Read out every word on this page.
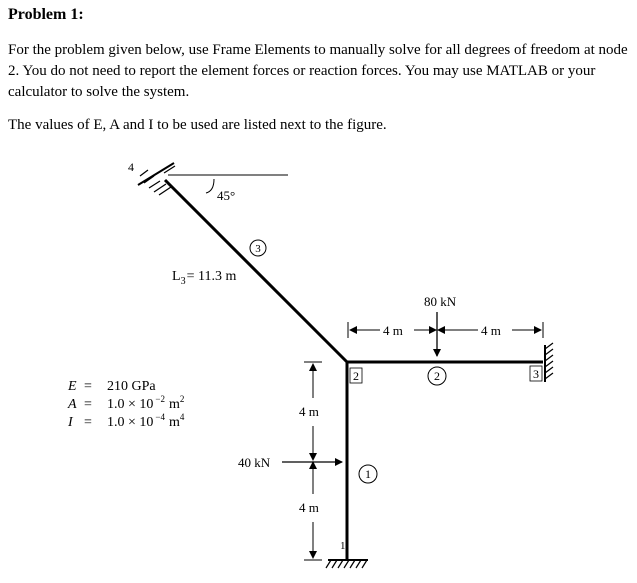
Problem 1:

For the problem given below, use Frame Elements to manually solve for all degrees of freedom at node 2. You do not need to report the element forces or reaction forces. You may use MATLAB or your calculator to solve the system.

The values of E, A and I to be used are listed next to the figure.

45°
3
$L_3= 11.3$ m
4
2	3
1
2
1
4 m	4 m
80 kN
4 m
4 m
40 kN
E = 210 GPa
A = 1.0 × 10 $^{-2}$ $m^2$
I = 1.0 × 10 $^{-4}$ $m^4$
